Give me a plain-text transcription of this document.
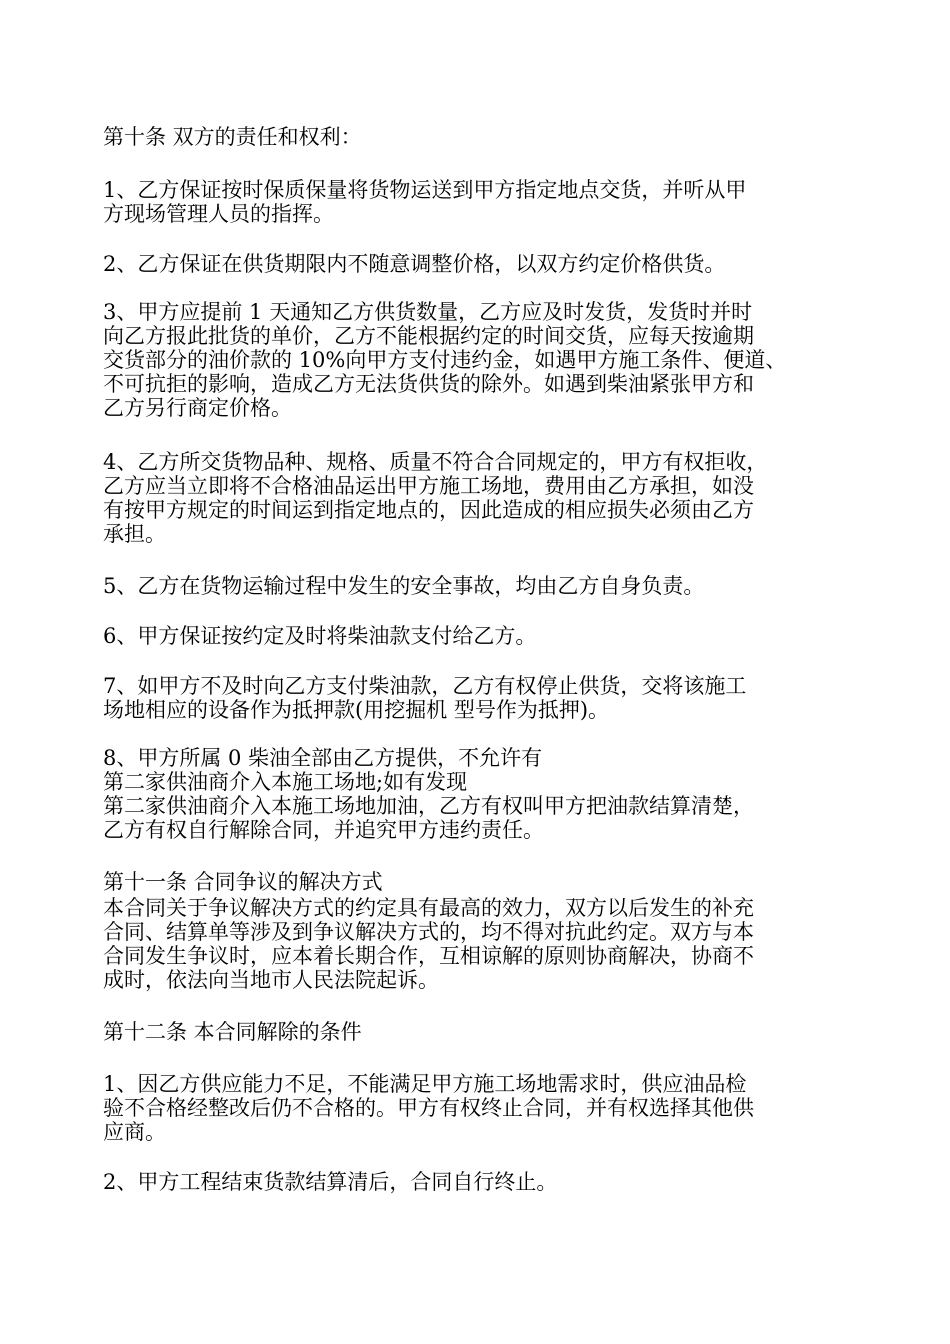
第十条 双方的责任和权利：

1、乙方保证按时保质保量将货物运送到甲方指定地点交货，并听从甲

方现场管理人员的指挥。

2、乙方保证在供货期限内不随意调整价格，以双方约定价格供货。

3、甲方应提前 1 天通知乙方供货数量，乙方应及时发货，发货时并时

向乙方报此批货的单价，乙方不能根据约定的时间交货，应每天按逾期

交货部分的油价款的 10%向甲方支付违约金，如遇甲方施工条件、便道、

不可抗拒的影响，造成乙方无法货供货的除外。如遇到柴油紧张甲方和

乙方另行商定价格。

4、乙方所交货物品种、规格、质量不符合合同规定的，甲方有权拒收，

乙方应当立即将不合格油品运出甲方施工场地，费用由乙方承担，如没

有按甲方规定的时间运到指定地点的，因此造成的相应损失必须由乙方

承担。

5、乙方在货物运输过程中发生的安全事故，均由乙方自身负责。

6、甲方保证按约定及时将柴油款支付给乙方。

7、如甲方不及时向乙方支付柴油款，乙方有权停止供货，交将该施工

场地相应的设备作为抵押款(用挖掘机 型号作为抵押)。

8、甲方所属 0 柴油全部由乙方提供，不允许有

第二家供油商介入本施工场地;如有发现

第二家供油商介入本施工场地加油，乙方有权叫甲方把油款结算清楚，

乙方有权自行解除合同，并追究甲方违约责任。

第十一条 合同争议的解决方式

本合同关于争议解决方式的约定具有最高的效力，双方以后发生的补充

合同、结算单等涉及到争议解决方式的，均不得对抗此约定。双方与本

合同发生争议时，应本着长期合作，互相谅解的原则协商解决，协商不

成时，依法向当地市人民法院起诉。

第十二条 本合同解除的条件

1、因乙方供应能力不足，不能满足甲方施工场地需求时，供应油品检

验不合格经整改后仍不合格的。甲方有权终止合同，并有权选择其他供

应商。

2、甲方工程结束货款结算清后，合同自行终止。
